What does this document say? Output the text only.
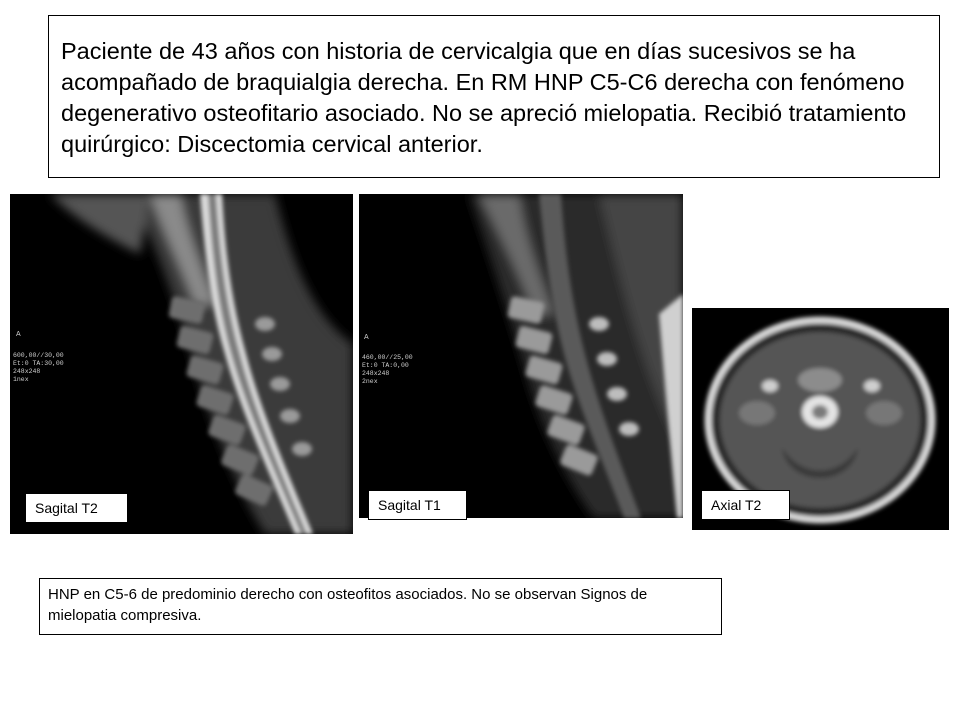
Paciente de 43 años con historia de cervicalgia que en días sucesivos se ha acompañado de braquialgia derecha. En RM HNP C5-C6 derecha con fenómeno degenerativo osteofitario asociado. No se apreció mielopatia. Recibió tratamiento quirúrgico: Discectomia cervical anterior.

A
600,00//30,00
Et:0 TA:30,00
248x248
1nex
A
460,00//25,00
Et:0 TA:0,00
248x248
2nex
Sagital T2	Sagital T1	Axial T2

HNP en C5-6 de predominio derecho con osteofitos asociados. No se observan Signos de mielopatia compresiva.
